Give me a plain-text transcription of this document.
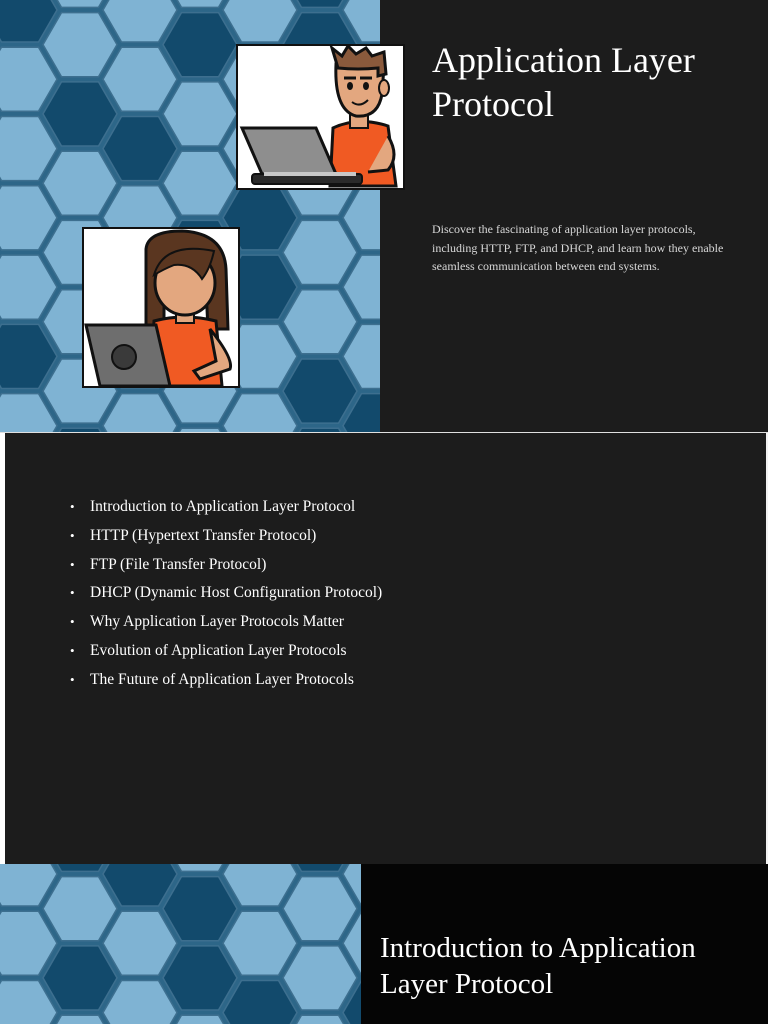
Application Layer Protocol

Discover the fascinating of application layer protocols, including HTTP, FTP, and DHCP, and learn how they enable seamless communication between end systems.

• Introduction to Application Layer Protocol
• HTTP (Hypertext Transfer Protocol)
• FTP (File Transfer Protocol)
• DHCP (Dynamic Host Configuration Protocol)
• Why Application Layer Protocols Matter
• Evolution of Application Layer Protocols
• The Future of Application Layer Protocols
Introduction to Application Layer Protocol
